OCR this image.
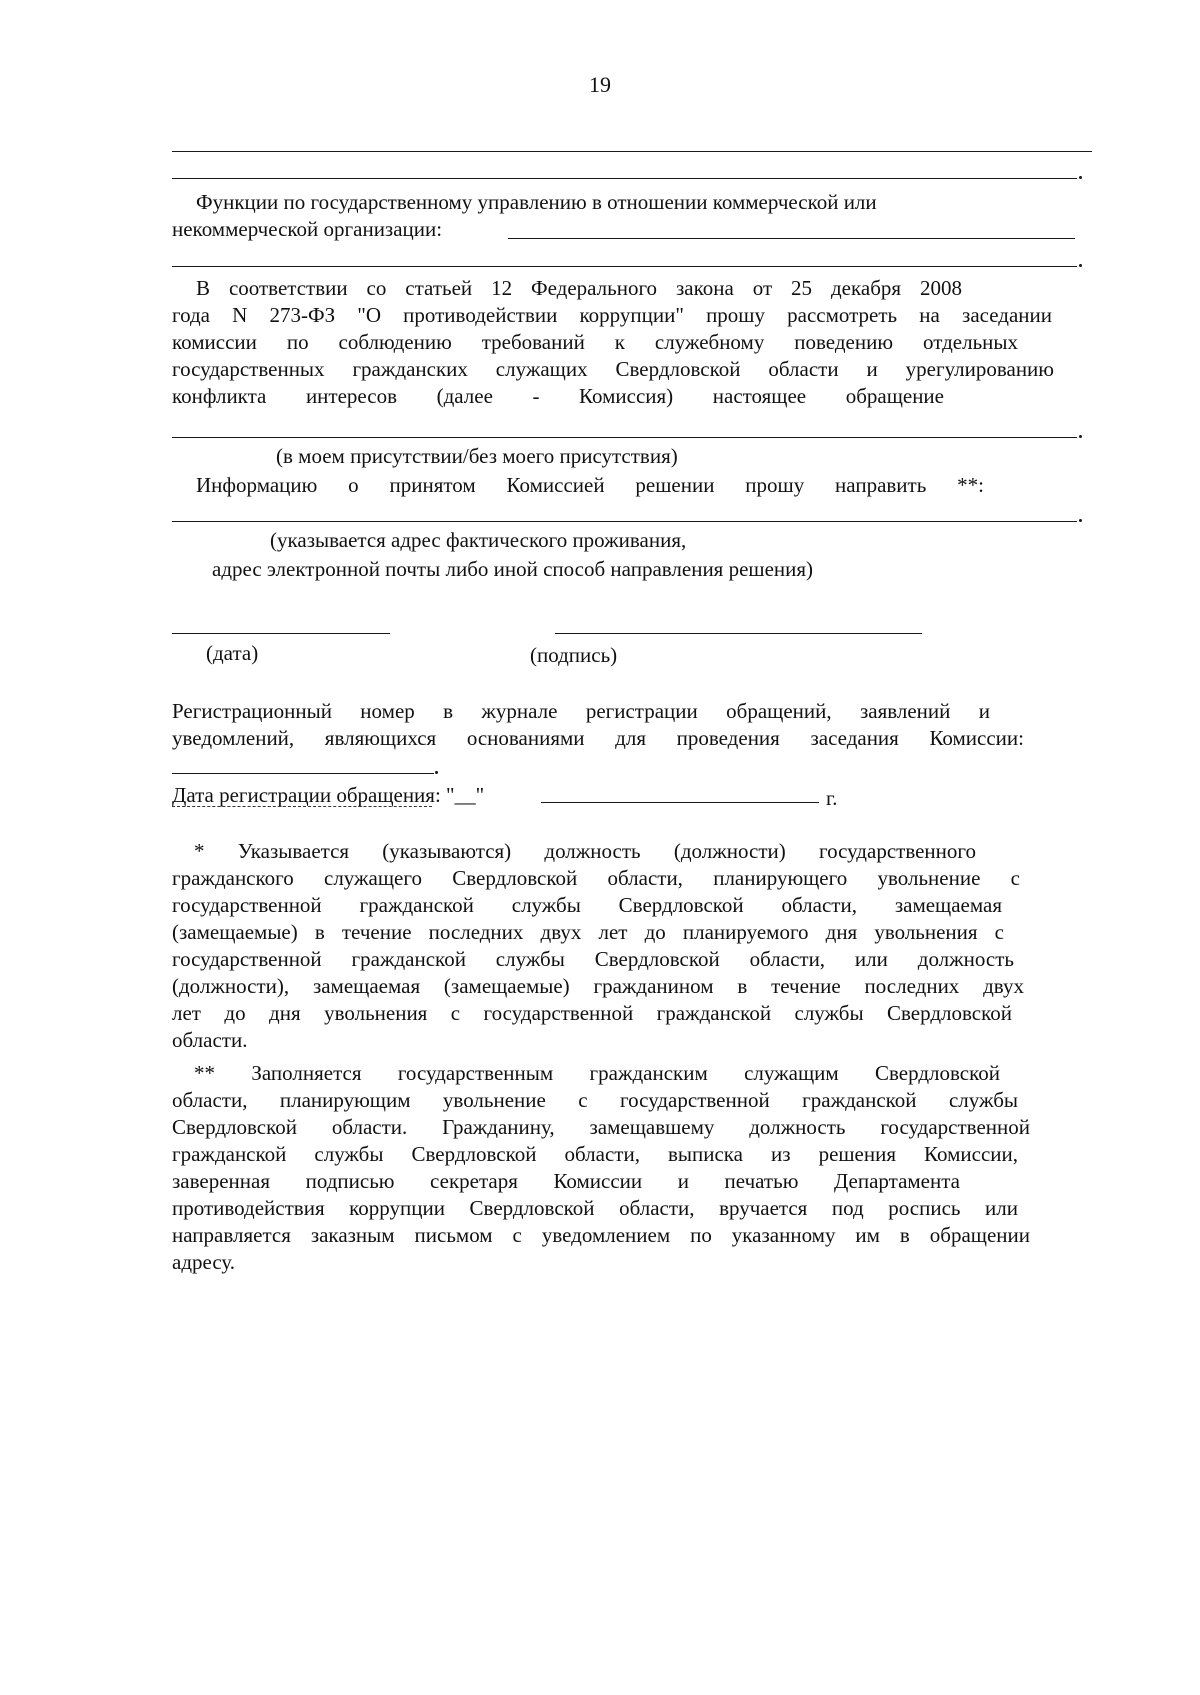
19
Функции по государственному управлению в отношении коммерческой или
некоммерческой организации:
В соответствии со статьей 12 Федерального закона от 25 декабря 2008
года N 273-ФЗ "О противодействии коррупции" прошу рассмотреть на заседании
комиссии по соблюдению требований к служебному поведению отдельных
государственных гражданских служащих Свердловской области и урегулированию
конфликта интересов (далее - Комиссия) настоящее обращение
(в моем присутствии/без моего присутствия)
Информацию о принятом Комиссией решении прошу направить **:
(указывается адрес фактического проживания,
адрес электронной почты либо иной способ направления решения)
(дата)	(подпись)
Регистрационный номер в журнале регистрации обращений, заявлений и
уведомлений, являющихся основаниями для проведения заседания Комиссии:
Дата регистрации обращения: "__"	г.
* Указывается (указываются) должность (должности) государственного
гражданского служащего Свердловской области, планирующего увольнение с
государственной гражданской службы Свердловской области, замещаемая
(замещаемые) в течение последних двух лет до планируемого дня увольнения с
государственной гражданской службы Свердловской области, или должность
(должности), замещаемая (замещаемые) гражданином в течение последних двух
лет до дня увольнения с государственной гражданской службы Свердловской
области.
** Заполняется государственным гражданским служащим Свердловской
области, планирующим увольнение с государственной гражданской службы
Свердловской области. Гражданину, замещавшему должность государственной
гражданской службы Свердловской области, выписка из решения Комиссии,
заверенная подписью секретаря Комиссии и печатью Департамента
противодействия коррупции Свердловской области, вручается под роспись или
направляется заказным письмом с уведомлением по указанному им в обращении
адресу.
